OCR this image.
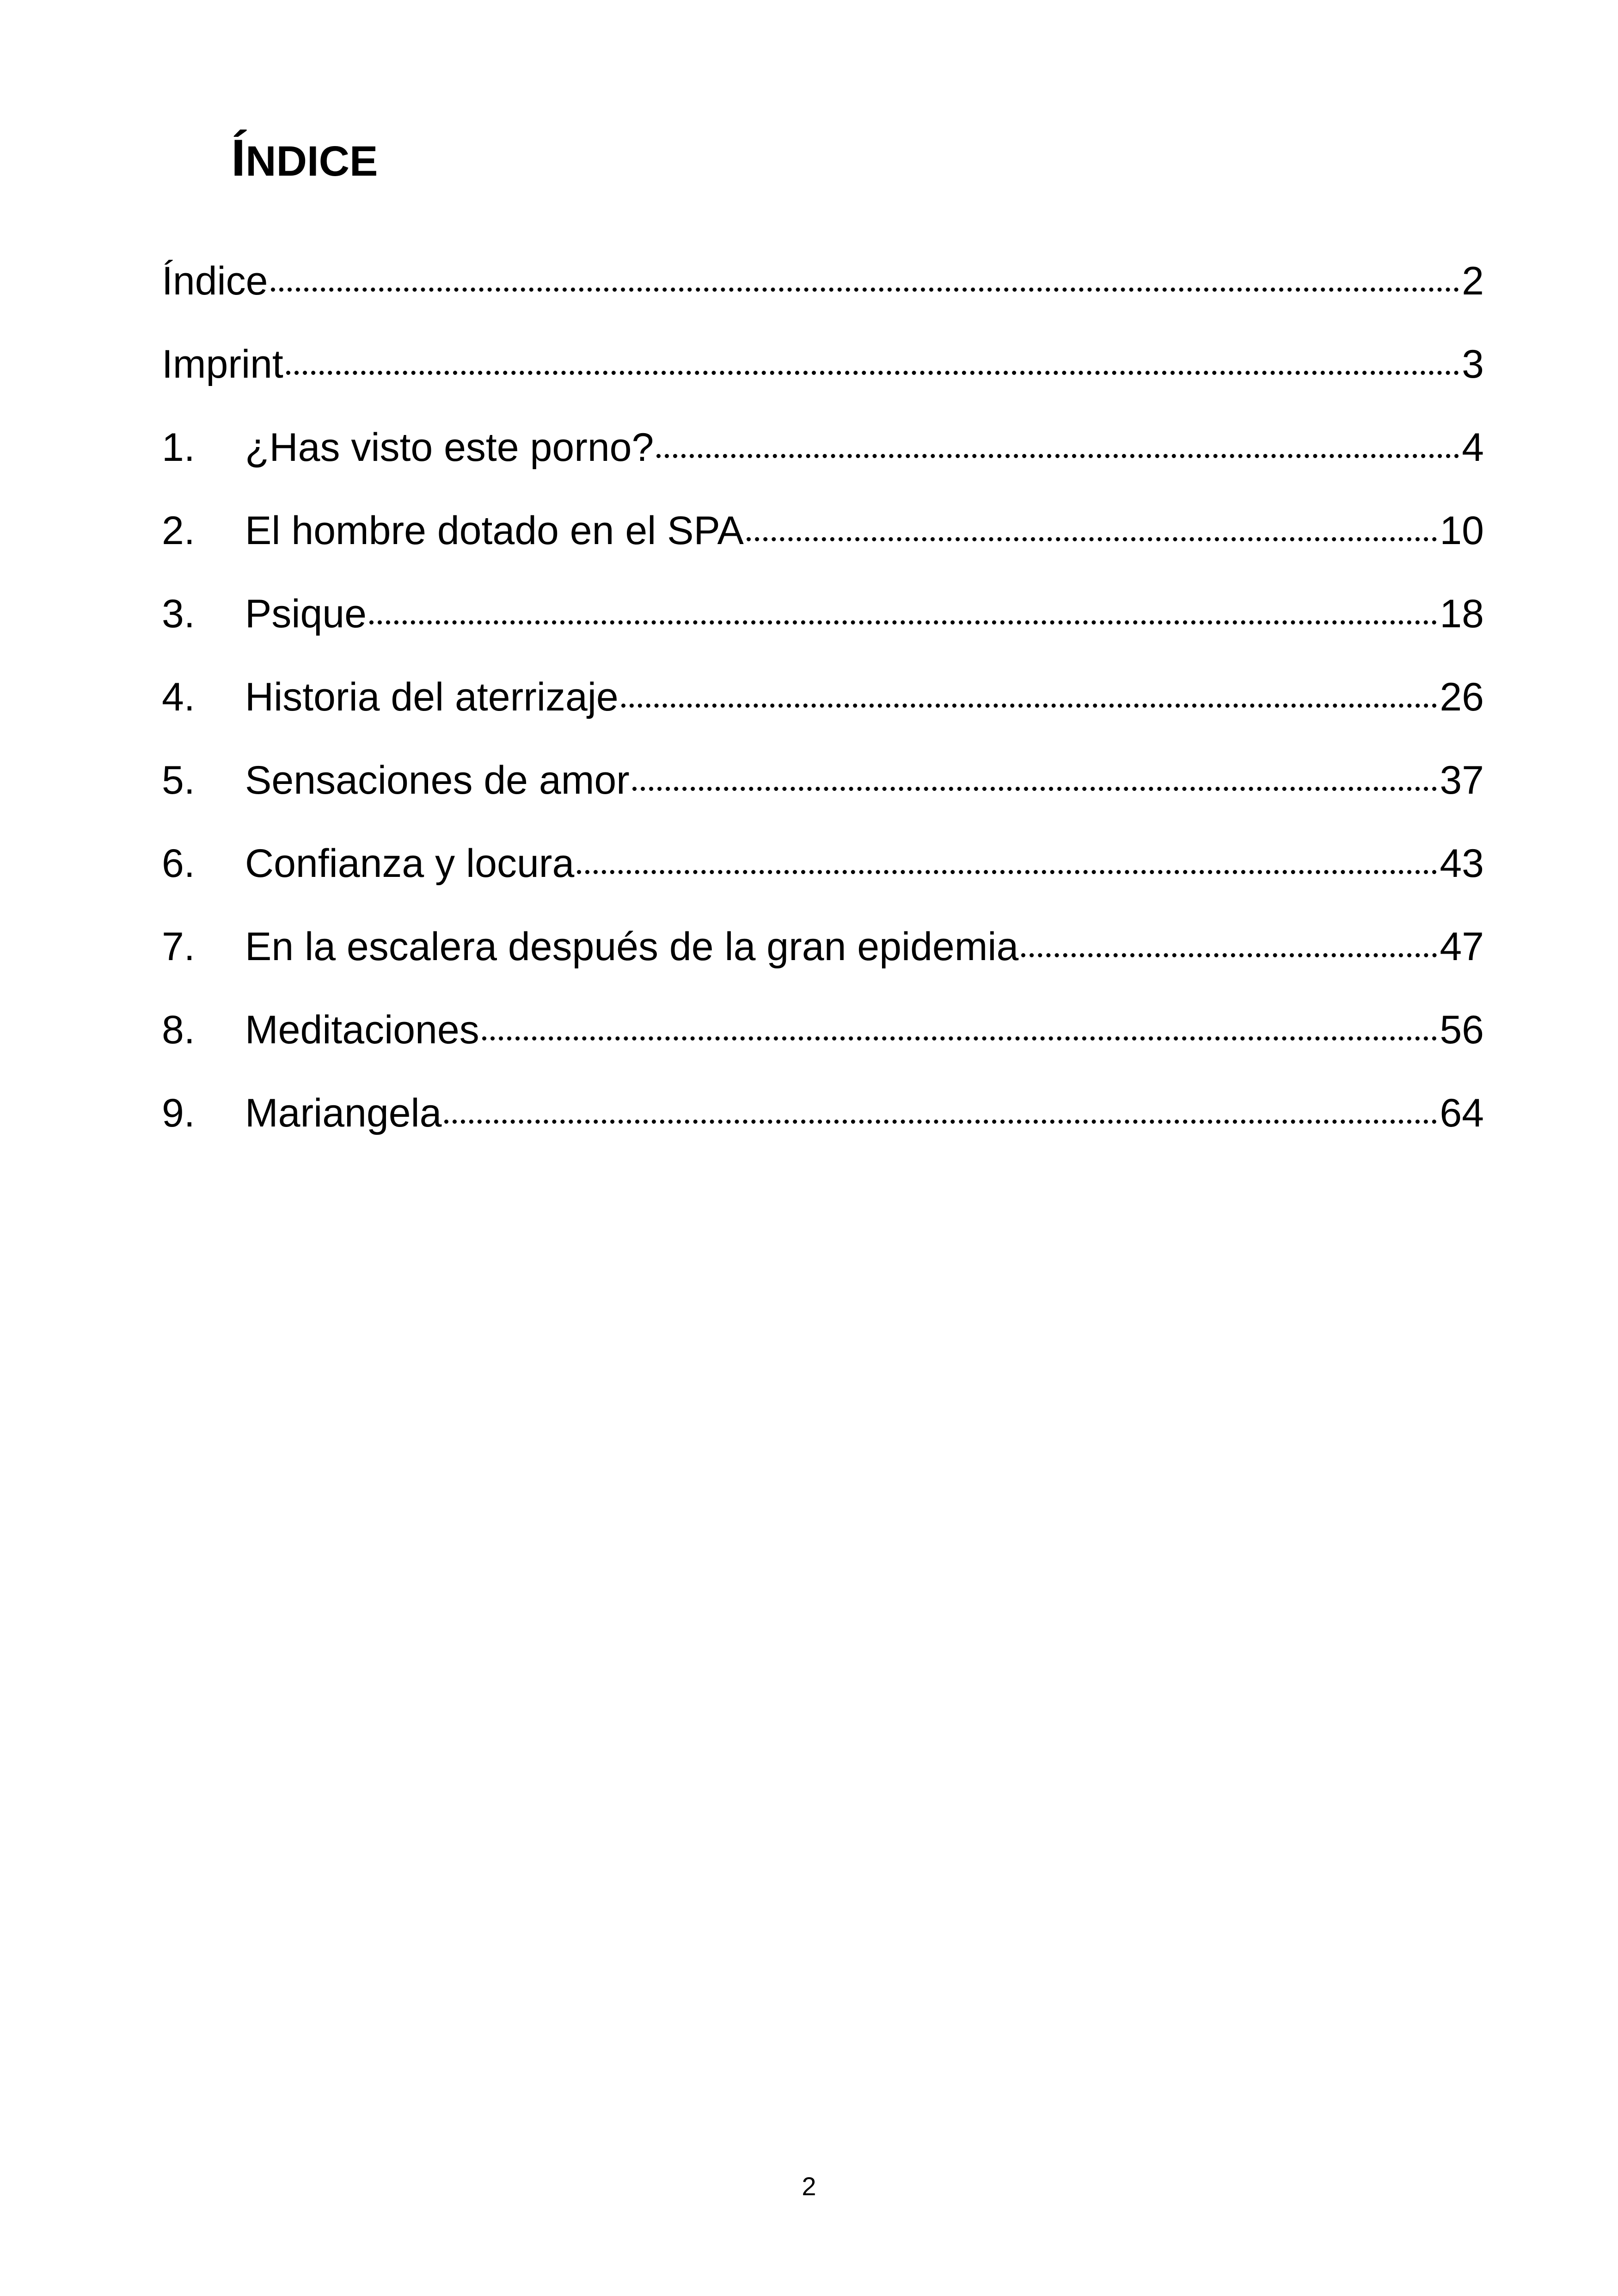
ÍNDICE
Índice	2
Imprint	3
1.	¿Has visto este porno?	4
2.	El hombre dotado en el SPA	10
3.	Psique	18
4.	Historia del aterrizaje	26
5.	Sensaciones de amor	37
6.	Confianza y locura	43
7.	En la escalera después de la gran epidemia	47
8.	Meditaciones	56
9.	Mariangela	64
2
